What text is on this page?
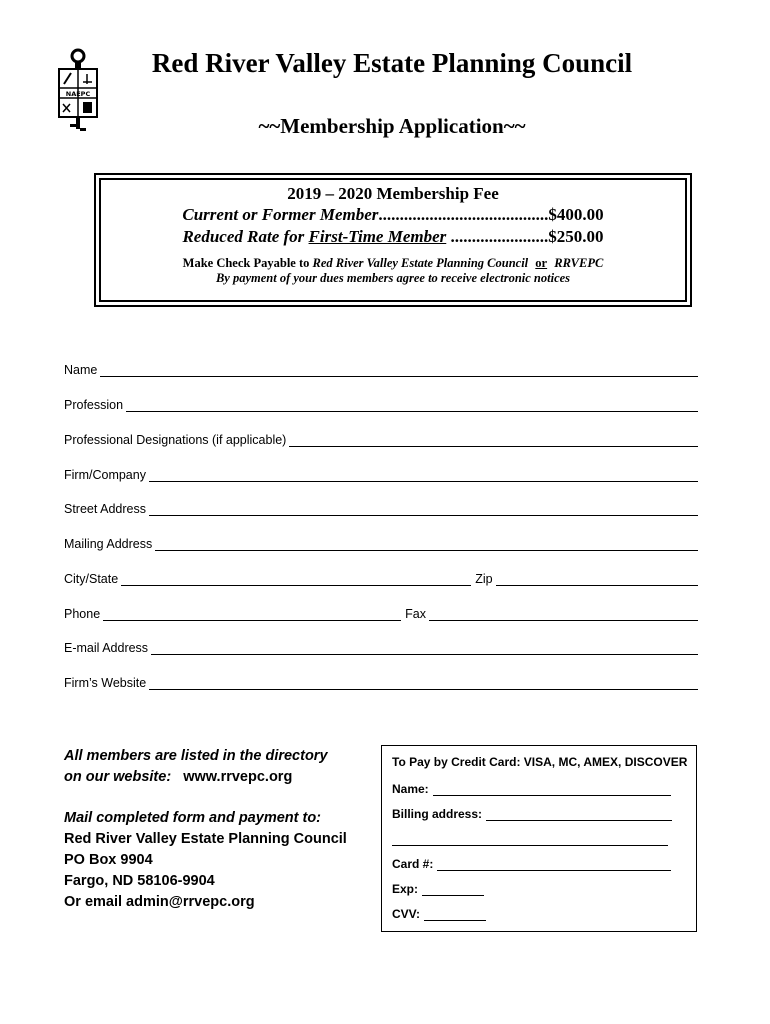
NAEPC
Red River Valley Estate Planning Council
~~Membership Application~~
2019 – 2020 Membership Fee
Current or Former Member........................................$400.00
Reduced Rate for First-Time Member .......................$250.00
Make Check Payable to Red River Valley Estate Planning Council or RRVEPC
By payment of your dues members agree to receive electronic notices
Name
Profession
Professional Designations (if applicable)
Firm/Company
Street Address
Mailing Address
City/State	Zip
Phone	Fax
E-mail Address
Firm’s Website
All members are listed in the directory
on our website: www.rrvepc.org
Mail completed form and payment to:
Red River Valley Estate Planning Council
PO Box 9904
Fargo, ND 58106-9904
Or email admin@rrvepc.org
To Pay by Credit Card: VISA, MC, AMEX, DISCOVER
Name:
Billing address:
Card #:
Exp:
CVV:
